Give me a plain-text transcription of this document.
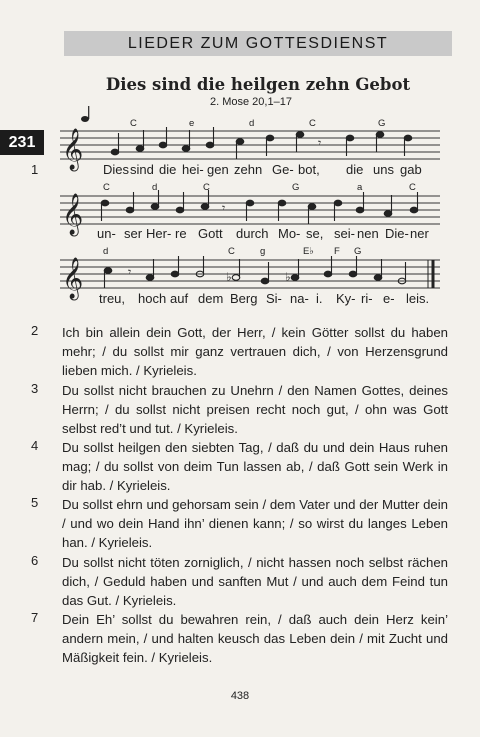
LIEDER ZUM GOTTESDIENST
Dies sind die heilgen zehn Gebot
2. Mose 20,1–17
231
1
C	e	d	C	G
C	d	C	G	a	C
d	C	g	E♭ F G
𝄞	𝄾
𝄞	𝄾
𝄞	𝄾	♭	♭
Dies sind die hei- gen zehn Ge- bot, die uns gab
un- ser Her- re Gott durch Mo- se, sei- nen Die- ner
treu, hoch auf dem Berg Si- na- i. Ky- ri- e- leis.
2 Ich bin allein dein Gott, der Herr, / kein Götter sollst du haben mehr; / du sollst mir ganz vertrauen dich, / von Herzensgrund lieben mich. / Kyrieleis.
3 Du sollst nicht brauchen zu Unehrn / den Namen Gottes, deines Herrn; / du sollst nicht preisen recht noch gut, / ohn was Gott selbst red’t und tut. / Kyrieleis.
4 Du sollst heilgen den siebten Tag, / daß du und dein Haus ruhen mag; / du sollst von deim Tun lassen ab, / daß Gott sein Werk in dir hab. / Kyrieleis.
5 Du sollst ehrn und gehorsam sein / dem Vater und der Mutter dein / und wo dein Hand ihn’ dienen kann; / so wirst du langes Leben han. / Kyrieleis.
6 Du sollst nicht töten zorniglich, / nicht hassen noch selbst rächen dich, / Geduld haben und sanften Mut / und auch dem Feind tun das Gut. / Kyrieleis.
7 Dein Eh’ sollst du bewahren rein, / daß auch dein Herz kein’ andern mein, / und halten keusch das Leben dein / mit Zucht und Mäßigkeit fein. / Kyrieleis.
438
